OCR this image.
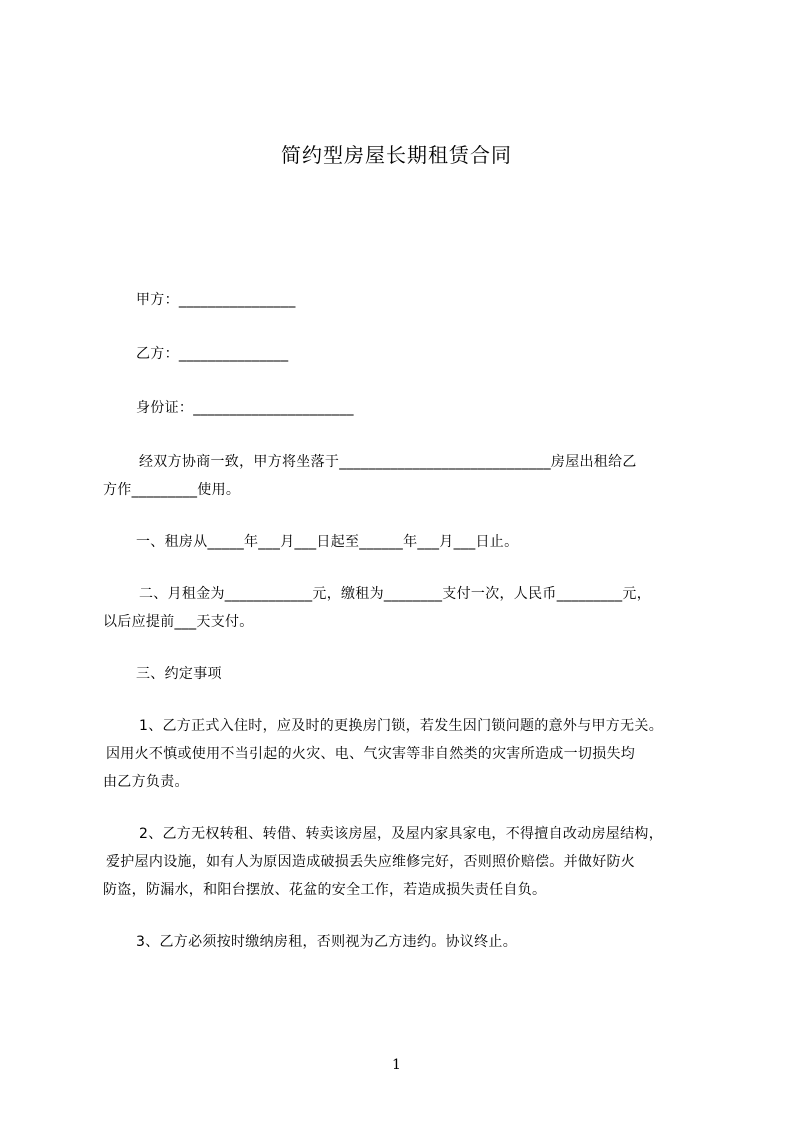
简约型房屋长期租赁合同
甲方：________________
乙方：_______________
身份证：______________________
经双方协商一致，甲方将坐落于_____________________________房屋出租给乙
方作_________使用。
一、租房从_____年___月___日起至______年___月___日止。
二、月租金为____________元，缴租为________支付一次，人民币_________元，
以后应提前___天支付。
三、约定事项
1、乙方正式入住时，应及时的更换房门锁，若发生因门锁问题的意外与甲方无关。
因用火不慎或使用不当引起的火灾、电、气灾害等非自然类的灾害所造成一切损失均
由乙方负责。
2、乙方无权转租、转借、转卖该房屋，及屋内家具家电，不得擅自改动房屋结构，
爱护屋内设施，如有人为原因造成破损丢失应维修完好，否则照价赔偿。并做好防火
防盗，防漏水，和阳台摆放、花盆的安全工作，若造成损失责任自负。
3、乙方必须按时缴纳房租，否则视为乙方违约。协议终止。
1
